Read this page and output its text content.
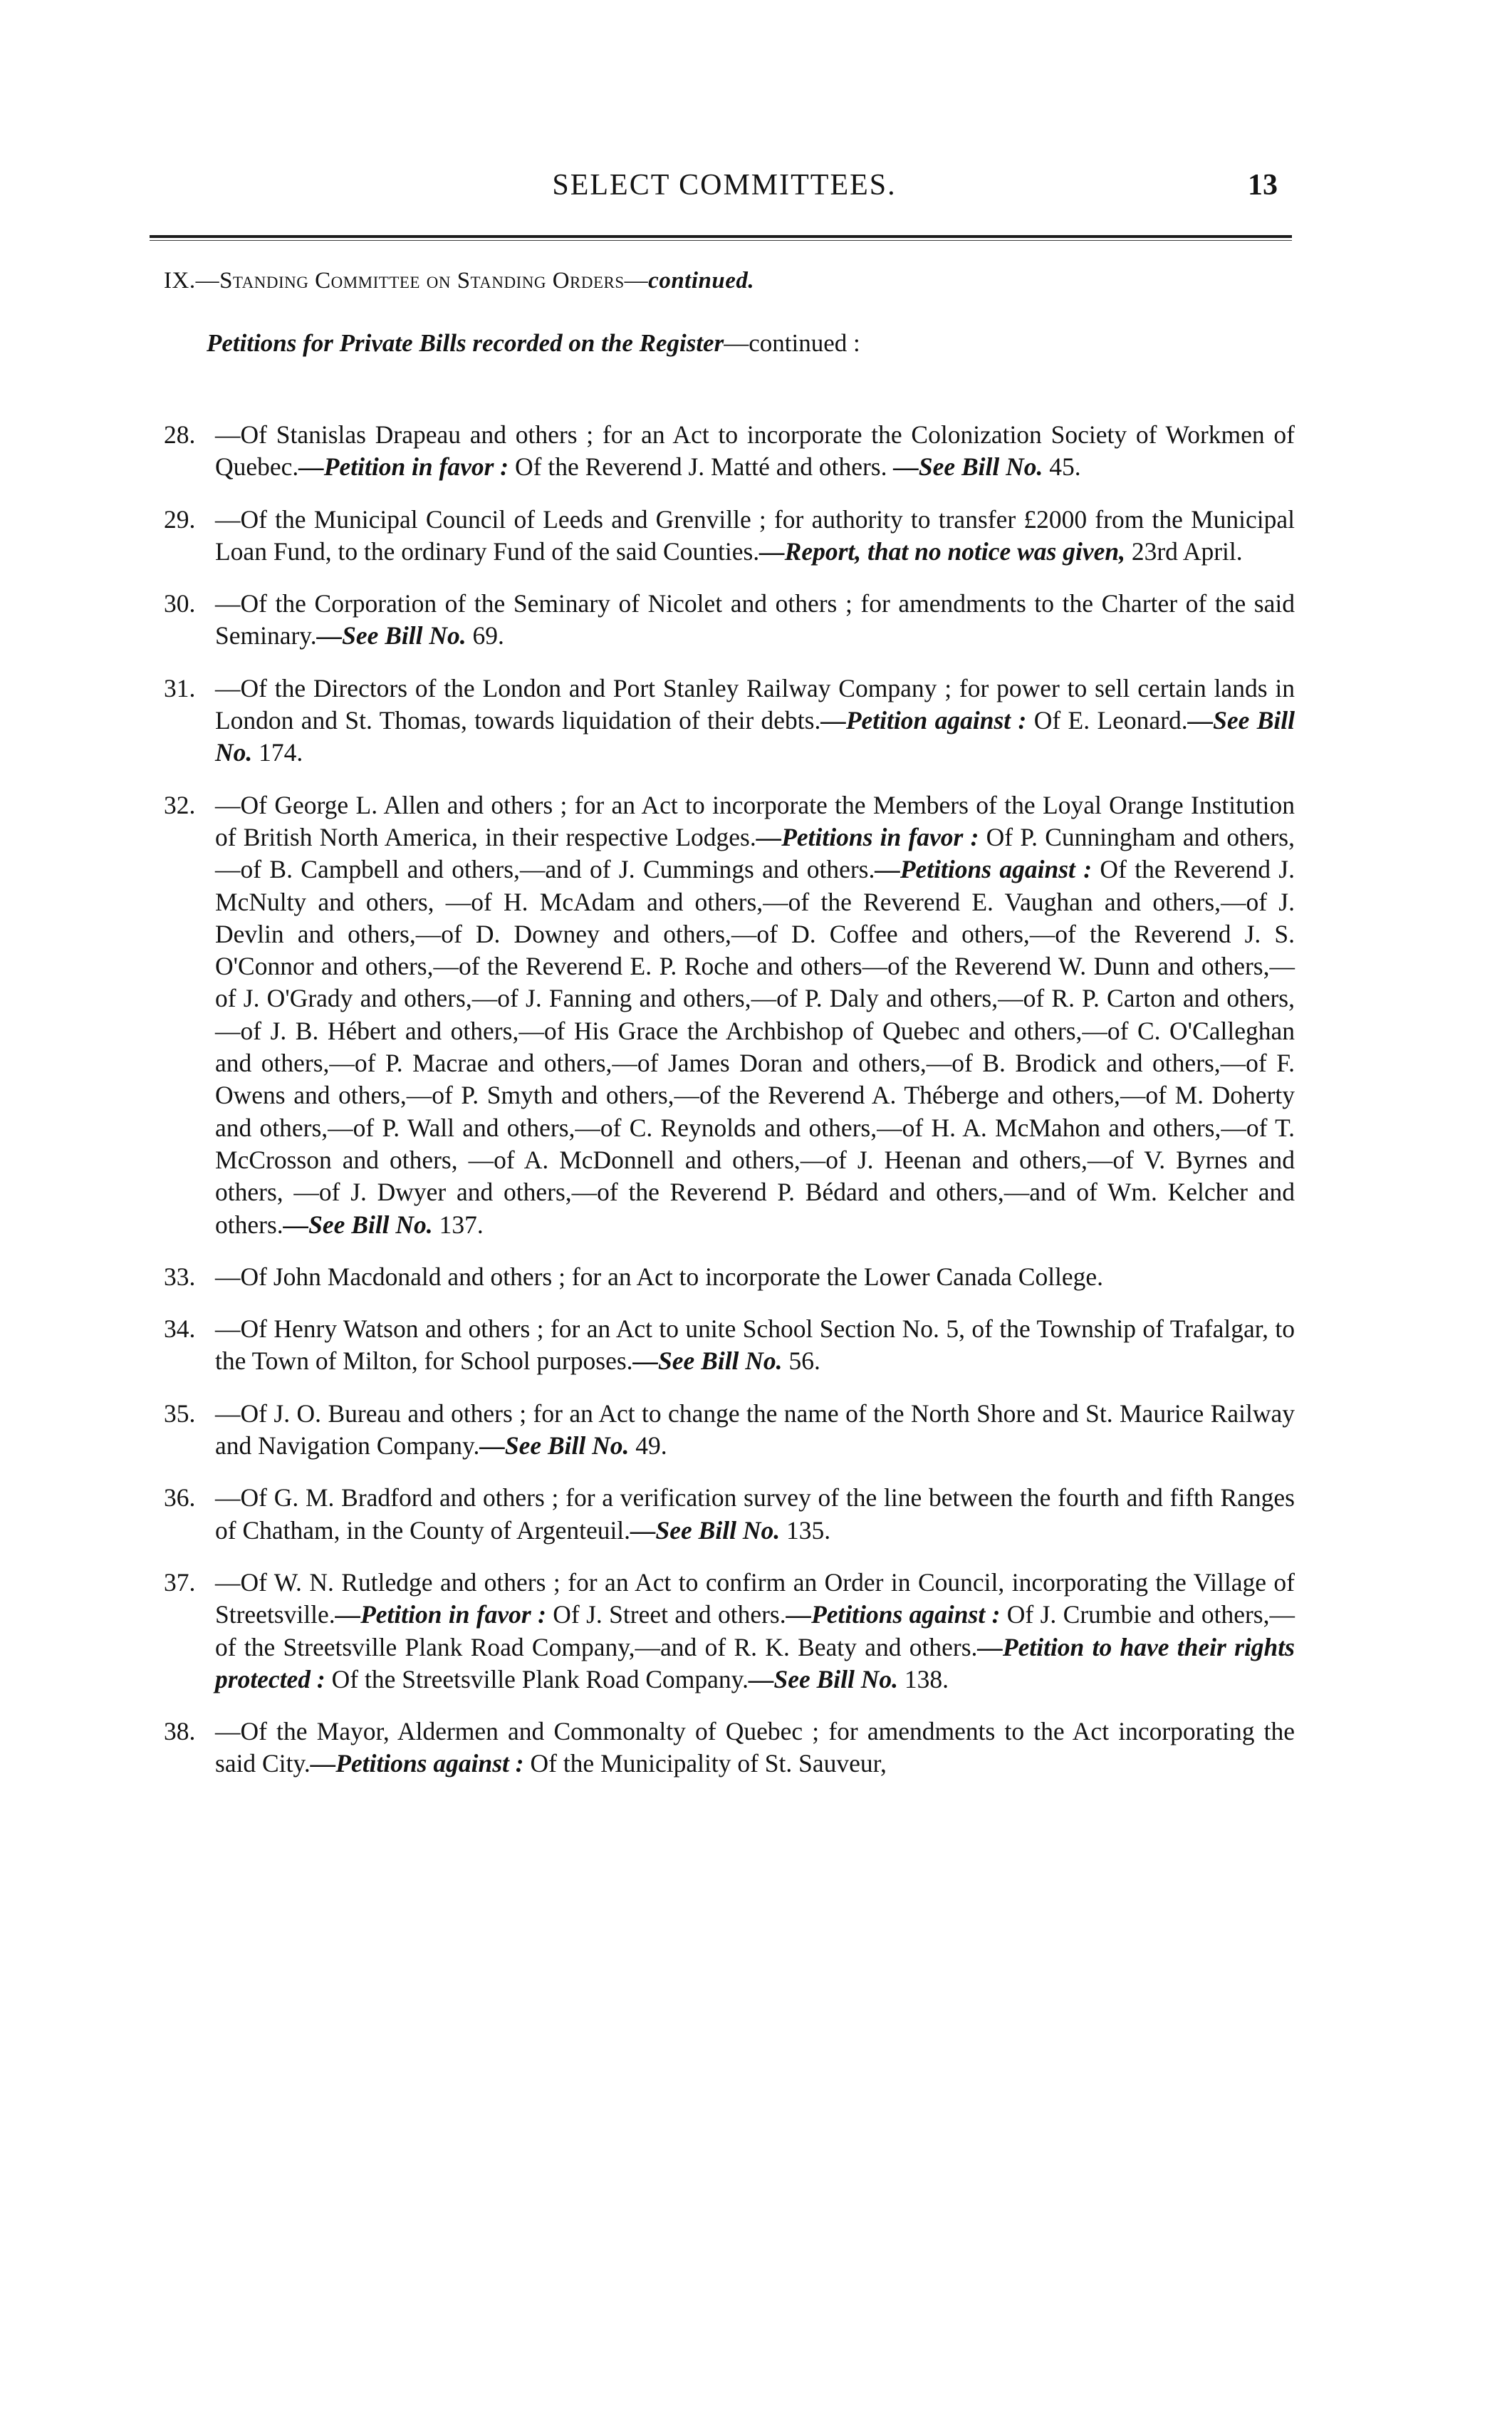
SELECT COMMITTEES.	13
IX.—Standing Committee on Standing Orders—continued.
Petitions for Private Bills recorded on the Register—continued :
28. —Of Stanislas Drapeau and others ; for an Act to incorporate the Colonization Society of Workmen of Quebec.—Petition in favor : Of the Reverend J. Matté and others. —See Bill No. 45.
29. —Of the Municipal Council of Leeds and Grenville ; for authority to transfer £2000 from the Municipal Loan Fund, to the ordinary Fund of the said Counties.—Report, that no notice was given, 23rd April.
30. —Of the Corporation of the Seminary of Nicolet and others ; for amendments to the Charter of the said Seminary.—See Bill No. 69.
31. —Of the Directors of the London and Port Stanley Railway Company ; for power to sell certain lands in London and St. Thomas, towards liquidation of their debts.—Petition against : Of E. Leonard.—See Bill No. 174.
32. —Of George L. Allen and others ; for an Act to incorporate the Members of the Loyal Orange Institution of British North America, in their respective Lodges.—Petitions in favor : Of P. Cunningham and others,—of B. Campbell and others,—and of J. Cummings and others.—Petitions against : Of the Reverend J. McNulty and others, —of H. McAdam and others,—of the Reverend E. Vaughan and others,—of J. Devlin and others,—of D. Downey and others,—of D. Coffee and others,—of the Reverend J. S. O'Connor and others,—of the Reverend E. P. Roche and others—of the Reverend W. Dunn and others,—of J. O'Grady and others,—of J. Fanning and others,—of P. Daly and others,—of R. P. Carton and others,—of J. B. Hébert and others,—of His Grace the Archbishop of Quebec and others,—of C. O'Calleghan and others,—of P. Macrae and others,—of James Doran and others,—of B. Brodick and others,—of F. Owens and others,—of P. Smyth and others,—of the Reverend A. Théberge and others,—of M. Doherty and others,—of P. Wall and others,—of C. Reynolds and others,—of H. A. McMahon and others,—of T. McCrosson and others, —of A. McDonnell and others,—of J. Heenan and others,—of V. Byrnes and others, —of J. Dwyer and others,—of the Reverend P. Bédard and others,—and of Wm. Kelcher and others.—See Bill No. 137.
33. —Of John Macdonald and others ; for an Act to incorporate the Lower Canada College.
34. —Of Henry Watson and others ; for an Act to unite School Section No. 5, of the Township of Trafalgar, to the Town of Milton, for School purposes.—See Bill No. 56.
35. —Of J. O. Bureau and others ; for an Act to change the name of the North Shore and St. Maurice Railway and Navigation Company.—See Bill No. 49.
36. —Of G. M. Bradford and others ; for a verification survey of the line between the fourth and fifth Ranges of Chatham, in the County of Argenteuil.—See Bill No. 135.
37. —Of W. N. Rutledge and others ; for an Act to confirm an Order in Council, incorporating the Village of Streetsville.—Petition in favor : Of J. Street and others.—Petitions against : Of J. Crumbie and others,—of the Streetsville Plank Road Company,—and of R. K. Beaty and others.—Petition to have their rights protected : Of the Streetsville Plank Road Company.—See Bill No. 138.
38. —Of the Mayor, Aldermen and Commonalty of Quebec ; for amendments to the Act incorporating the said City.—Petitions against : Of the Municipality of St. Sauveur,
